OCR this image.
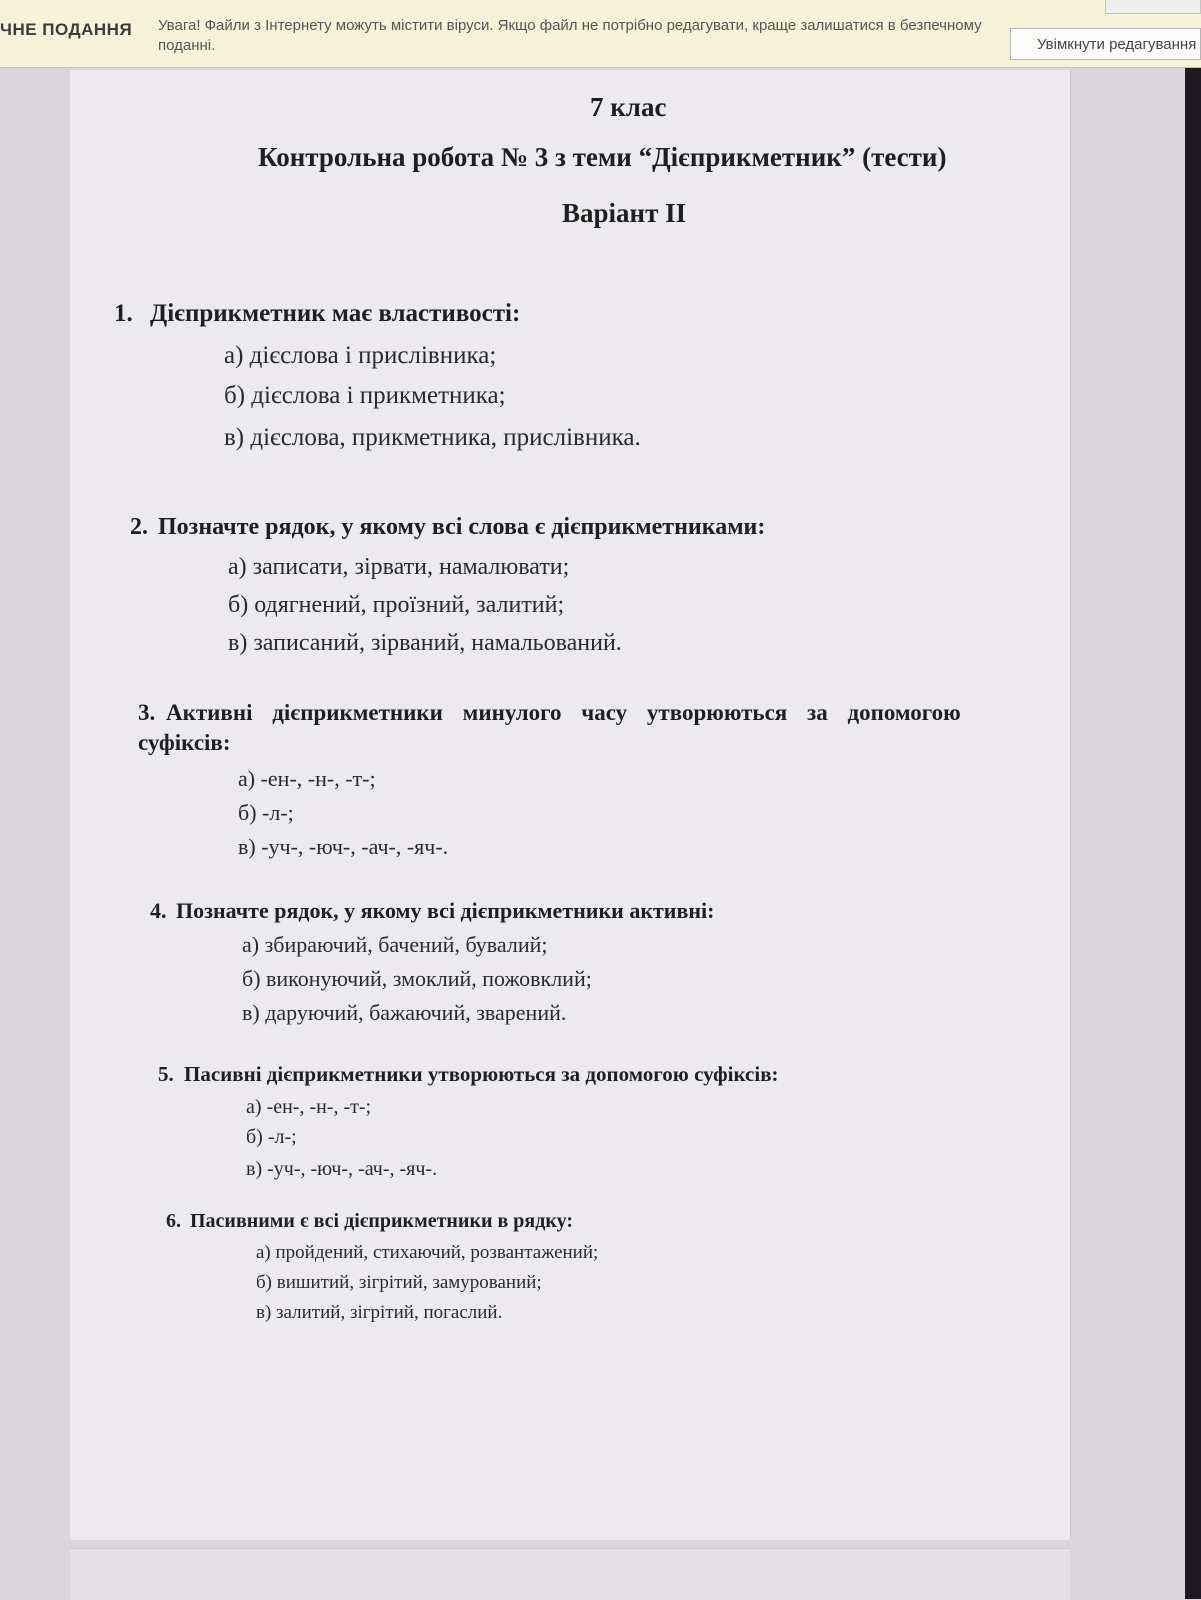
ЧНЕ ПОДАННЯ Увага! Файли з Інтернету можуть містити віруси. Якщо файл не потрібно редагувати, краще залишатися в безпечному поданні.	Увімкнути редагування
7 клас
Контрольна робота № 3 з теми “Дієприкметник” (тести)
Варіант ІІ
1. Дієприкметник має властивості:
а) дієслова і прислівника;
б) дієслова і прикметника;
в) дієслова, прикметника, прислівника.
2. Позначте рядок, у якому всі слова є дієприкметниками:
а) записати, зірвати, намалювати;
б) одягнений, проїзний, залитий;
в) записаний, зірваний, намальований.
3. Активні дієприкметники минулого часу утворюються за допомогою
суфіксів:
а) -ен-, -н-, -т-;
б) -л-;
в) -уч-, -юч-, -ач-, -яч-.
4. Позначте рядок, у якому всі дієприкметники активні:
а) збираючий, бачений, бувалий;
б) виконуючий, змоклий, пожовклий;
в) даруючий, бажаючий, зварений.
5. Пасивні дієприкметники утворюються за допомогою суфіксів:
а) -ен-, -н-, -т-;
б) -л-;
в) -уч-, -юч-, -ач-, -яч-.
6. Пасивними є всі дієприкметники в рядку:
а) пройдений, стихаючий, розвантажений;
б) вишитий, зігрітий, замурований;
в) залитий, зігрітий, погаслий.
